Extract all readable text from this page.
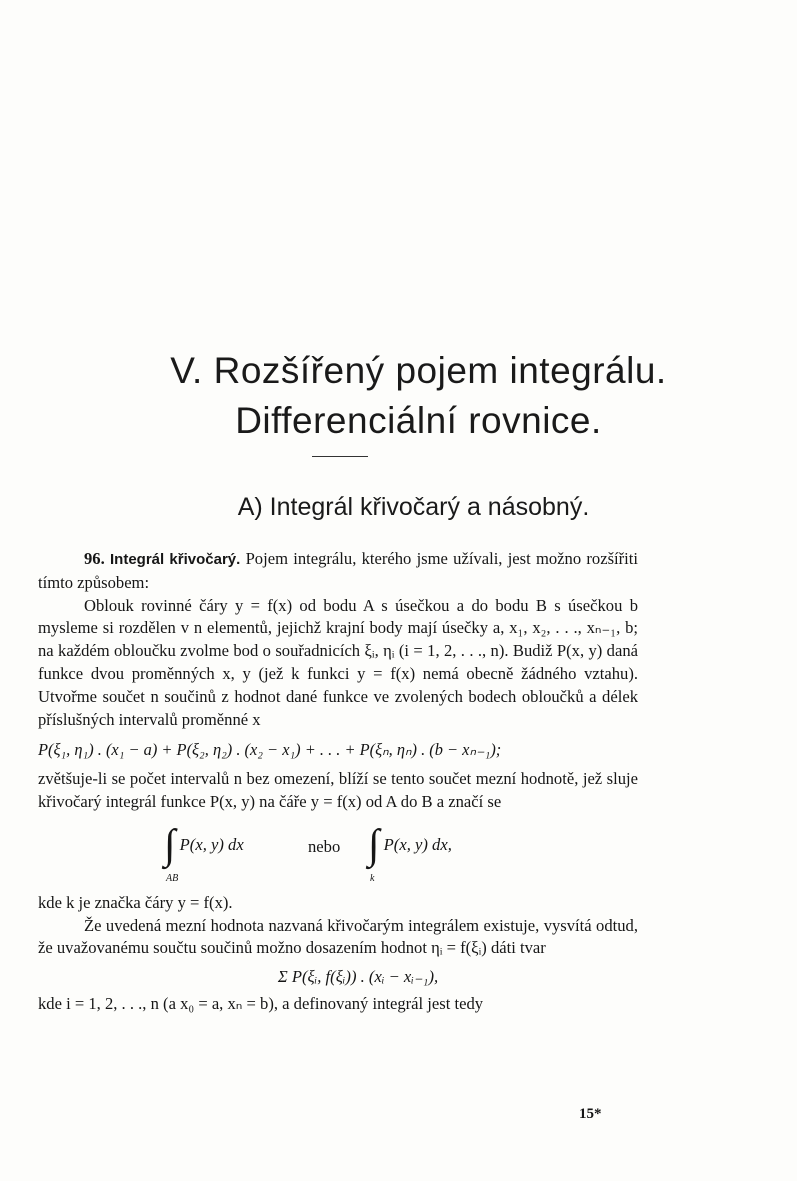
V. Rozšířený pojem integrálu.
Differenciální rovnice.
A) Integrál křivočarý a násobný.

96. Integrál křivočarý. Pojem integrálu, kterého jsme užívali, jest možno rozšířiti tímto způsobem:

Oblouk rovinné čáry y = f(x) od bodu A s úsečkou a do bodu B s úsečkou b mysleme si rozdělen v n elementů, jejichž krajní body mají úsečky a, x₁, x₂, . . ., xₙ₋₁, b; na každém obloučku zvolme bod o souřadnicích ξᵢ, ηᵢ (i = 1, 2, . . ., n). Budiž P(x, y) daná funkce dvou proměnných x, y (jež k funkci y = f(x) nemá obecně žádného vztahu). Utvořme součet n součinů z hodnot dané funkce ve zvolených bodech obloučků a délek příslušných intervalů proměnné x

P(ξ₁, η₁) . (x₁ − a) + P(ξ₂, η₂) . (x₂ − x₁) + . . . + P(ξₙ, ηₙ) . (b − xₙ₋₁);

zvětšuje-li se počet intervalů n bez omezení, blíží se tento součet mezní hodnotě, jež sluje křivočarý integrál funkce P(x, y) na čáře y = f(x) od A do B a značí se

∫ P(x, y) dx
AB
nebo ∫ P(x, y) dx,
k

kde k je značka čáry y = f(x).

Že uvedená mezní hodnota nazvaná křivočarým integrálem existuje, vysvítá odtud, že uvažovanému součtu součinů možno dosazením hodnot ηᵢ = f(ξᵢ) dáti tvar

Σ P(ξᵢ, f(ξᵢ)) . (xᵢ − xᵢ₋₁),

kde i = 1, 2, . . ., n (a x₀ = a, xₙ = b), a definovaný integrál jest tedy

15*
